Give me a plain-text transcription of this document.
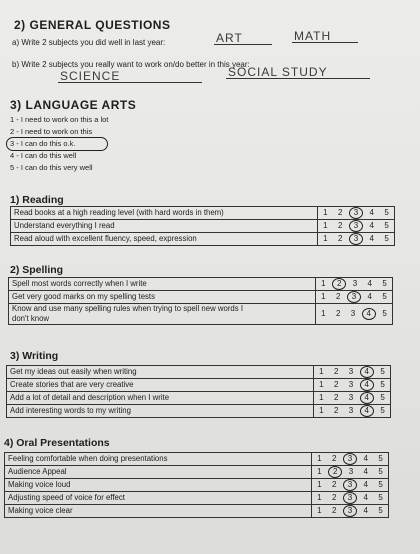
2) GENERAL QUESTIONS
a) Write 2 subjects you did well in last year:	ART	MATH
b) Write 2 subjects you really want to work on/do better in this year:
SCIENCE	SOCIAL STUDY
3) LANGUAGE ARTS
1 - I need to work on this a lot
2 - I need to work on this
3 - I can do this o.k.
4 - I can do this well
5 - I can do this very well
1) Reading
Read books at a high reading level (with hard words in them)	1 2 3 4 5

Understand everything I read	1 2 3 4 5

Read aloud with excellent fluency, speed, expression	1 2 3 4 5
2) Spelling
Spell most words correctly when I write	1 2 3 4 5

Get very good marks on my spelling tests	1 2 3 4 5

Know and use many spelling rules when trying to spell new words I
don't know	1 2 3 4 5
3) Writing
Get my ideas out easily when writing	1 2 3 4 5

Create stories that are very creative	1 2 3 4 5

Add a lot of detail and description when I write	1 2 3 4 5

Add interesting words to my writing	1 2 3 4 5
4) Oral Presentations
Feeling comfortable when doing presentations	1 2 3 4 5

Audience Appeal	1 2 3 4 5

Making voice loud	1 2 3 4 5

Adjusting speed of voice for effect	1 2 3 4 5

Making voice clear	1 2 3 4 5
